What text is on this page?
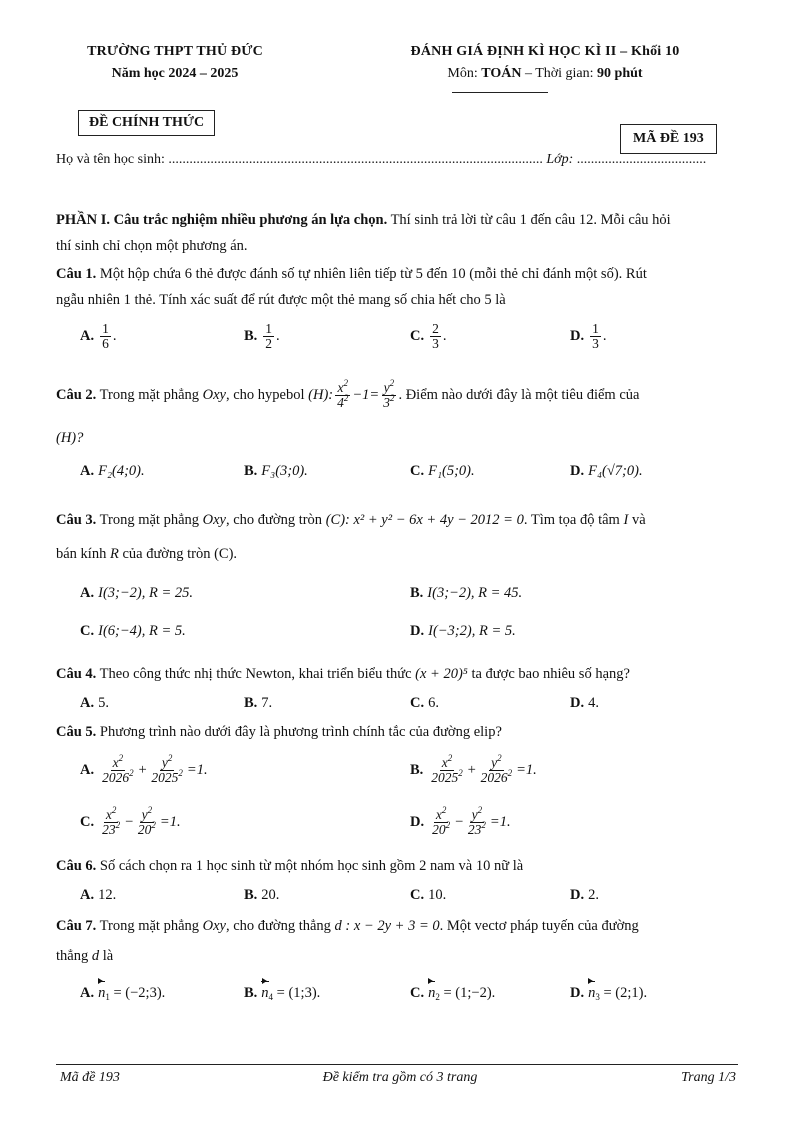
TRƯỜNG THPT THỦ ĐỨC
Năm học 2024 – 2025
ĐÁNH GIÁ ĐỊNH KÌ HỌC KÌ II – Khối 10
Môn: TOÁN – Thời gian: 90 phút
ĐỀ CHÍNH THỨC
MÃ ĐỀ 193
Họ và tên học sinh: ........................................................................................................... Lớp: .....................................
PHẦN I. Câu trắc nghiệm nhiều phương án lựa chọn. Thí sinh trả lời từ câu 1 đến câu 12. Mỗi câu hỏi
thí sinh chỉ chọn một phương án.
Câu 1. Một hộp chứa 6 thẻ được đánh số tự nhiên liên tiếp từ 5 đến 10 (mỗi thẻ chỉ đánh một số). Rút
ngẫu nhiên 1 thẻ. Tính xác suất để rút được một thẻ mang số chia hết cho 5 là
A. $\frac{1}{6}$ .	B. $\frac{1}{2}$ .	C. $\frac{2}{3}$ .	D. $\frac{1}{3}$ .
Câu 2. Trong mặt phẳng Oxy, cho hypebol (H): $\frac{x^2}{4^2} -1= \frac{y^2}{3^2}$ . Điểm nào dưới đây là một tiêu điểm của
(H)?
A. F₂(4;0).	B. F₃(3;0).	C. F₁(5;0).	D. F₄(√7;0).
Câu 3. Trong mặt phẳng Oxy, cho đường tròn (C): x² + y² − 6x + 4y − 2012 = 0. Tìm tọa độ tâm I và
bán kính R của đường tròn (C).
A. I(3;−2), R = 25.	B. I(3;−2), R = 45.
C. I(6;−4), R = 5.	D. I(−3;2), R = 5.
Câu 4. Theo công thức nhị thức Newton, khai triển biểu thức (x + 20)⁵ ta được bao nhiêu số hạng?
A. 5.	B. 7.	C. 6.	D. 4.
Câu 5. Phương trình nào dưới đây là phương trình chính tắc của đường elip?
A. $\frac{x^2}{2026^2} + \frac{y^2}{2025^2} =1$.	B. $\frac{x^2}{2025^2} + \frac{y^2}{2026^2} =1$.
C. $\frac{x^2}{23^2} - \frac{y^2}{20^2} =1$.	D. $\frac{x^2}{20^2} - \frac{y^2}{23^2} =1$.
Câu 6. Số cách chọn ra 1 học sinh từ một nhóm học sinh gồm 2 nam và 10 nữ là
A. 12.	B. 20.	C. 10.	D. 2.
Câu 7. Trong mặt phẳng Oxy, cho đường thẳng d : x − 2y + 3 = 0. Một vectơ pháp tuyến của đường
thẳng d là
A. $n_1$ = (−2;3).	B. $n_4$ = (1;3).	C. $n_2$ = (1;−2).	D. $n_3$ = (2;1).
Mã đề 193	Đề kiểm tra gồm có 3 trang	Trang 1/3
